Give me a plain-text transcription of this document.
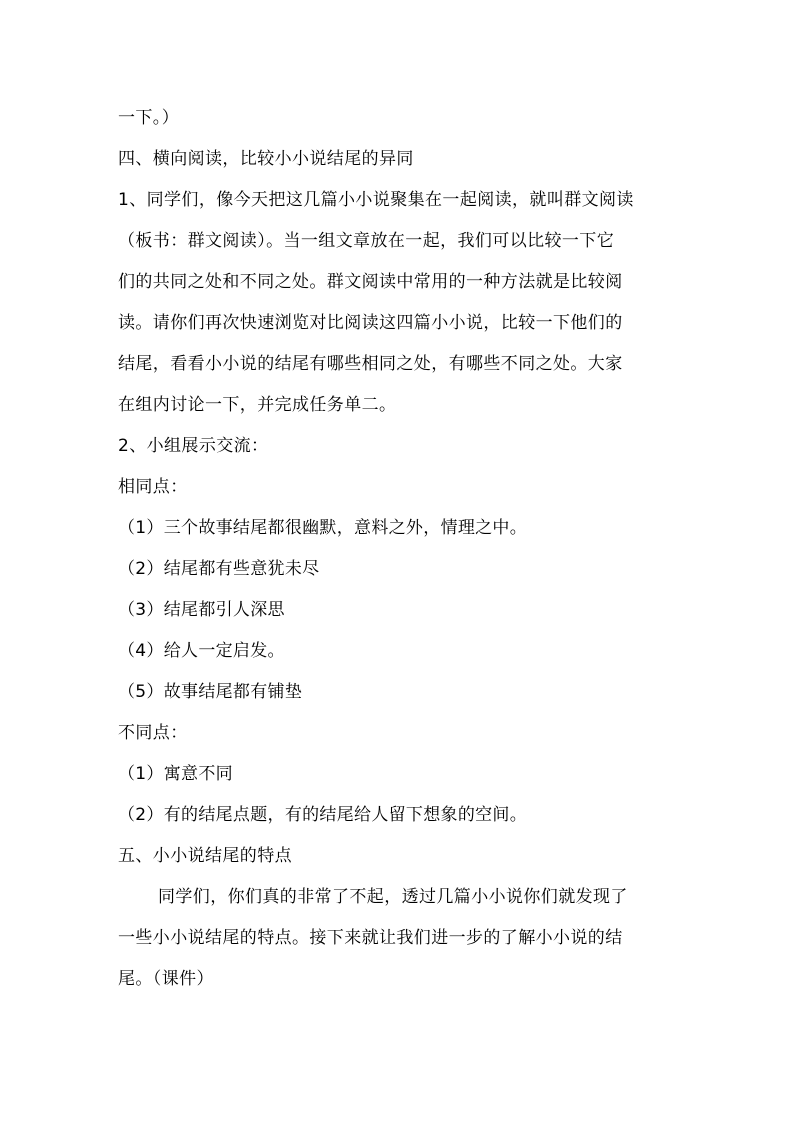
一下。）
四、横向阅读，比较小小说结尾的异同
1、同学们，像今天把这几篇小小说聚集在一起阅读，就叫群文阅读
（板书：群文阅读）。当一组文章放在一起，我们可以比较一下它
们的共同之处和不同之处。群文阅读中常用的一种方法就是比较阅
读。请你们再次快速浏览对比阅读这四篇小小说，比较一下他们的
结尾，看看小小说的结尾有哪些相同之处，有哪些不同之处。大家
在组内讨论一下，并完成任务单二。
2、小组展示交流：
相同点：
（1）三个故事结尾都很幽默，意料之外，情理之中。
（2）结尾都有些意犹未尽
（3）结尾都引人深思
（4）给人一定启发。
（5）故事结尾都有铺垫
不同点：
（1）寓意不同
（2）有的结尾点题，有的结尾给人留下想象的空间。
五、小小说结尾的特点
同学们，你们真的非常了不起，透过几篇小小说你们就发现了
一些小小说结尾的特点。接下来就让我们进一步的了解小小说的结
尾。（课件）
